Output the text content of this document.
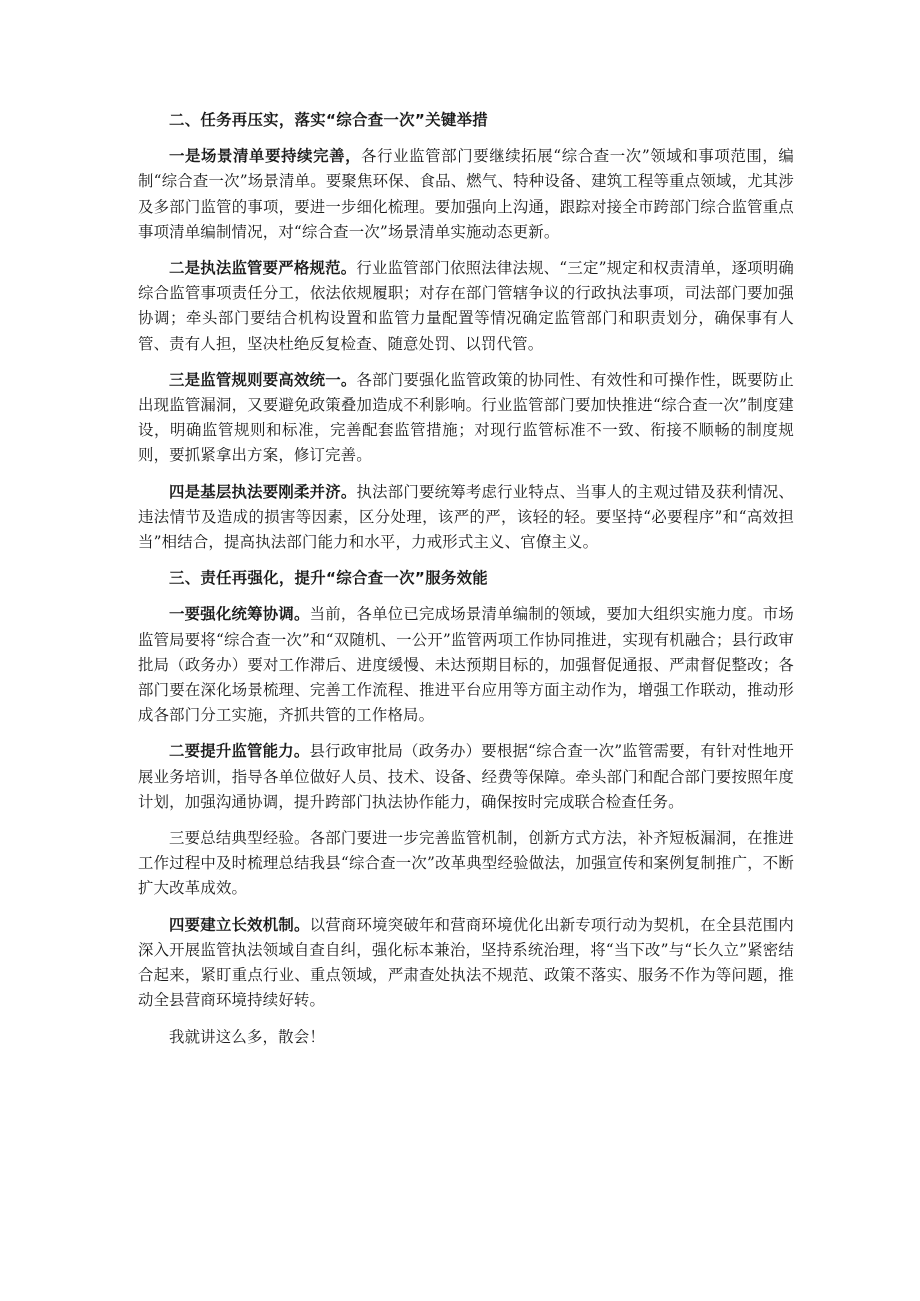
二、任务再压实，落实“综合查一次”关键举措

一是场景清单要持续完善，各行业监管部门要继续拓展“综合查一次”领域和事项范围，编制“综合查一次”场景清单。要聚焦环保、食品、燃气、特种设备、建筑工程等重点领域，尤其涉及多部门监管的事项，要进一步细化梳理。要加强向上沟通，跟踪对接全市跨部门综合监管重点事项清单编制情况，对“综合查一次”场景清单实施动态更新。

二是执法监管要严格规范。行业监管部门依照法律法规、“三定”规定和权责清单，逐项明确综合监管事项责任分工，依法依规履职；对存在部门管辖争议的行政执法事项，司法部门要加强协调；牵头部门要结合机构设置和监管力量配置等情况确定监管部门和职责划分，确保事有人管、责有人担，坚决杜绝反复检查、随意处罚、以罚代管。

三是监管规则要高效统一。各部门要强化监管政策的协同性、有效性和可操作性，既要防止出现监管漏洞，又要避免政策叠加造成不利影响。行业监管部门要加快推进“综合查一次”制度建设，明确监管规则和标准，完善配套监管措施；对现行监管标准不一致、衔接不顺畅的制度规则，要抓紧拿出方案，修订完善。

四是基层执法要刚柔并济。执法部门要统筹考虑行业特点、当事人的主观过错及获利情况、违法情节及造成的损害等因素，区分处理，该严的严，该轻的轻。要坚持“必要程序”和“高效担当”相结合，提高执法部门能力和水平，力戒形式主义、官僚主义。

三、责任再强化，提升“综合查一次”服务效能

一要强化统筹协调。当前，各单位已完成场景清单编制的领域，要加大组织实施力度。市场监管局要将“综合查一次”和“双随机、一公开”监管两项工作协同推进，实现有机融合；县行政审批局（政务办）要对工作滞后、进度缓慢、未达预期目标的，加强督促通报、严肃督促整改；各部门要在深化场景梳理、完善工作流程、推进平台应用等方面主动作为，增强工作联动，推动形成各部门分工实施，齐抓共管的工作格局。

二要提升监管能力。县行政审批局（政务办）要根据“综合查一次”监管需要，有针对性地开展业务培训，指导各单位做好人员、技术、设备、经费等保障。牵头部门和配合部门要按照年度计划，加强沟通协调，提升跨部门执法协作能力，确保按时完成联合检查任务。

三要总结典型经验。各部门要进一步完善监管机制，创新方式方法，补齐短板漏洞，在推进工作过程中及时梳理总结我县“综合查一次”改革典型经验做法，加强宣传和案例复制推广，不断扩大改革成效。

四要建立长效机制。以营商环境突破年和营商环境优化出新专项行动为契机，在全县范围内深入开展监管执法领域自查自纠，强化标本兼治，坚持系统治理，将“当下改”与“长久立”紧密结合起来，紧盯重点行业、重点领域，严肃查处执法不规范、政策不落实、服务不作为等问题，推动全县营商环境持续好转。

我就讲这么多，散会！
